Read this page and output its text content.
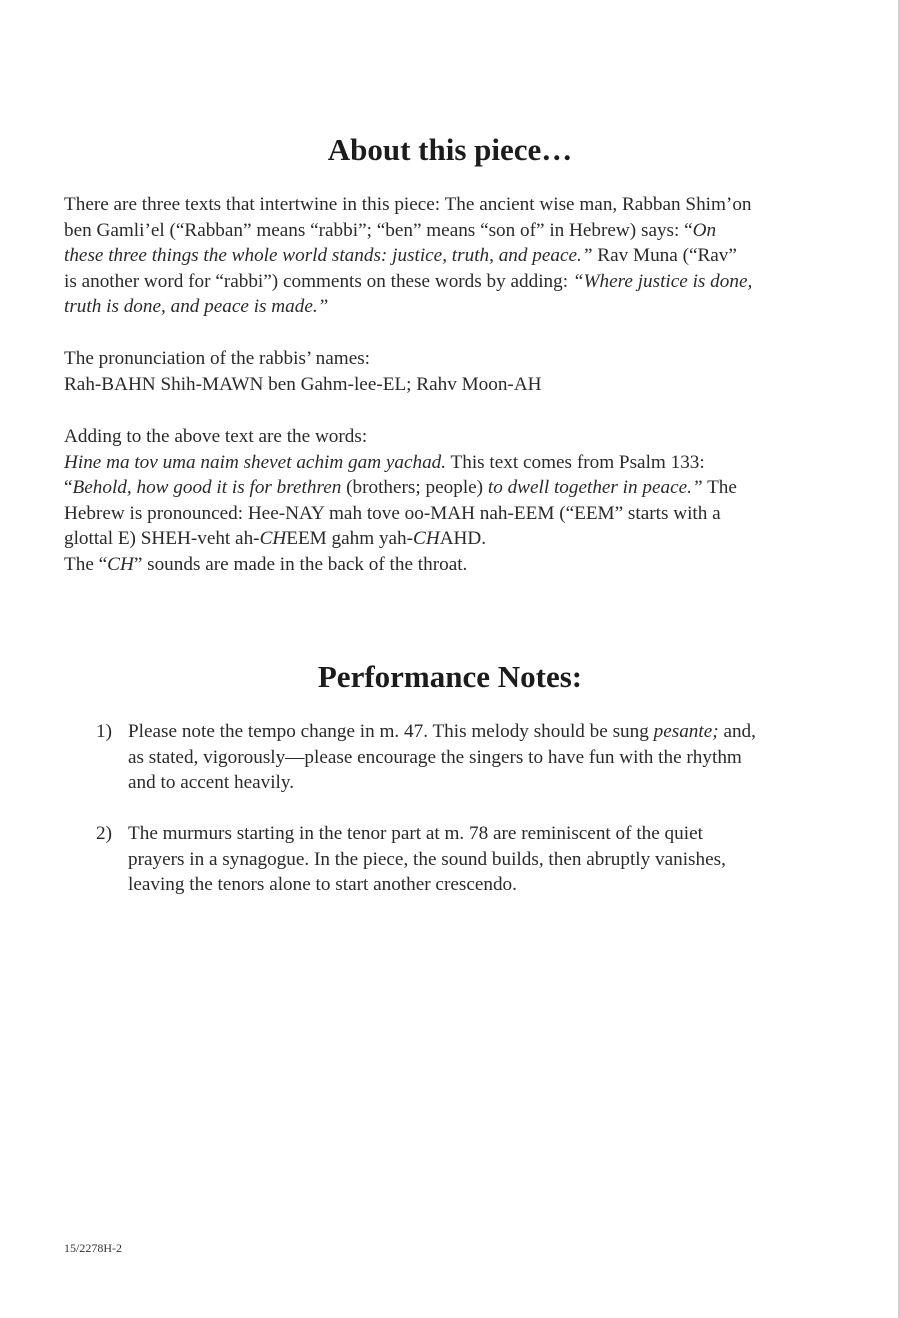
About this piece…
There are three texts that intertwine in this piece: The ancient wise man, Rabban Shim’on
ben Gamli’el (“Rabban” means “rabbi”; “ben” means “son of” in Hebrew) says: “On
these three things the whole world stands: justice, truth, and peace.” Rav Muna (“Rav”
is another word for “rabbi”) comments on these words by adding: “Where justice is done,
truth is done, and peace is made.”
The pronunciation of the rabbis’ names:
Rah-BAHN Shih-MAWN ben Gahm-lee-EL; Rahv Moon-AH
Adding to the above text are the words:
Hine ma tov uma naim shevet achim gam yachad. This text comes from Psalm 133:
“Behold, how good it is for brethren (brothers; people) to dwell together in peace.” The
Hebrew is pronounced: Hee-NAY mah tove oo-MAH nah-EEM (“EEM” starts with a
glottal E) SHEH-veht ah-CHEEM gahm yah-CHAHD.
The “CH” sounds are made in the back of the throat.
Performance Notes:
1) Please note the tempo change in m. 47. This melody should be sung pesante; and,
as stated, vigorously—please encourage the singers to have fun with the rhythm
and to accent heavily.
2) The murmurs starting in the tenor part at m. 78 are reminiscent of the quiet
prayers in a synagogue. In the piece, the sound builds, then abruptly vanishes,
leaving the tenors alone to start another crescendo.
15/2278H-2
